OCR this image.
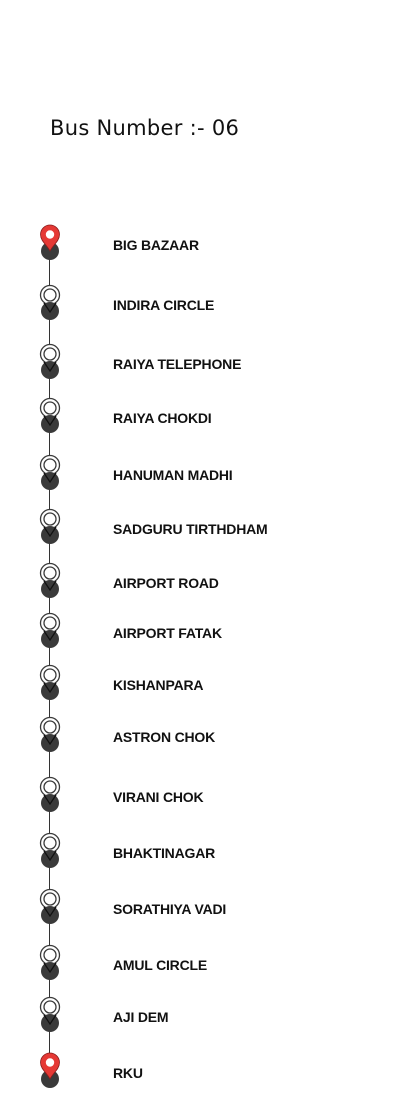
Bus Number :- 06
BIG BAZAAR
INDIRA CIRCLE
RAIYA TELEPHONE
RAIYA CHOKDI
HANUMAN MADHI
SADGURU TIRTHDHAM
AIRPORT ROAD
AIRPORT FATAK
KISHANPARA
ASTRON CHOK
VIRANI CHOK
BHAKTINAGAR
SORATHIYA VADI
AMUL CIRCLE
AJI DEM
RKU
